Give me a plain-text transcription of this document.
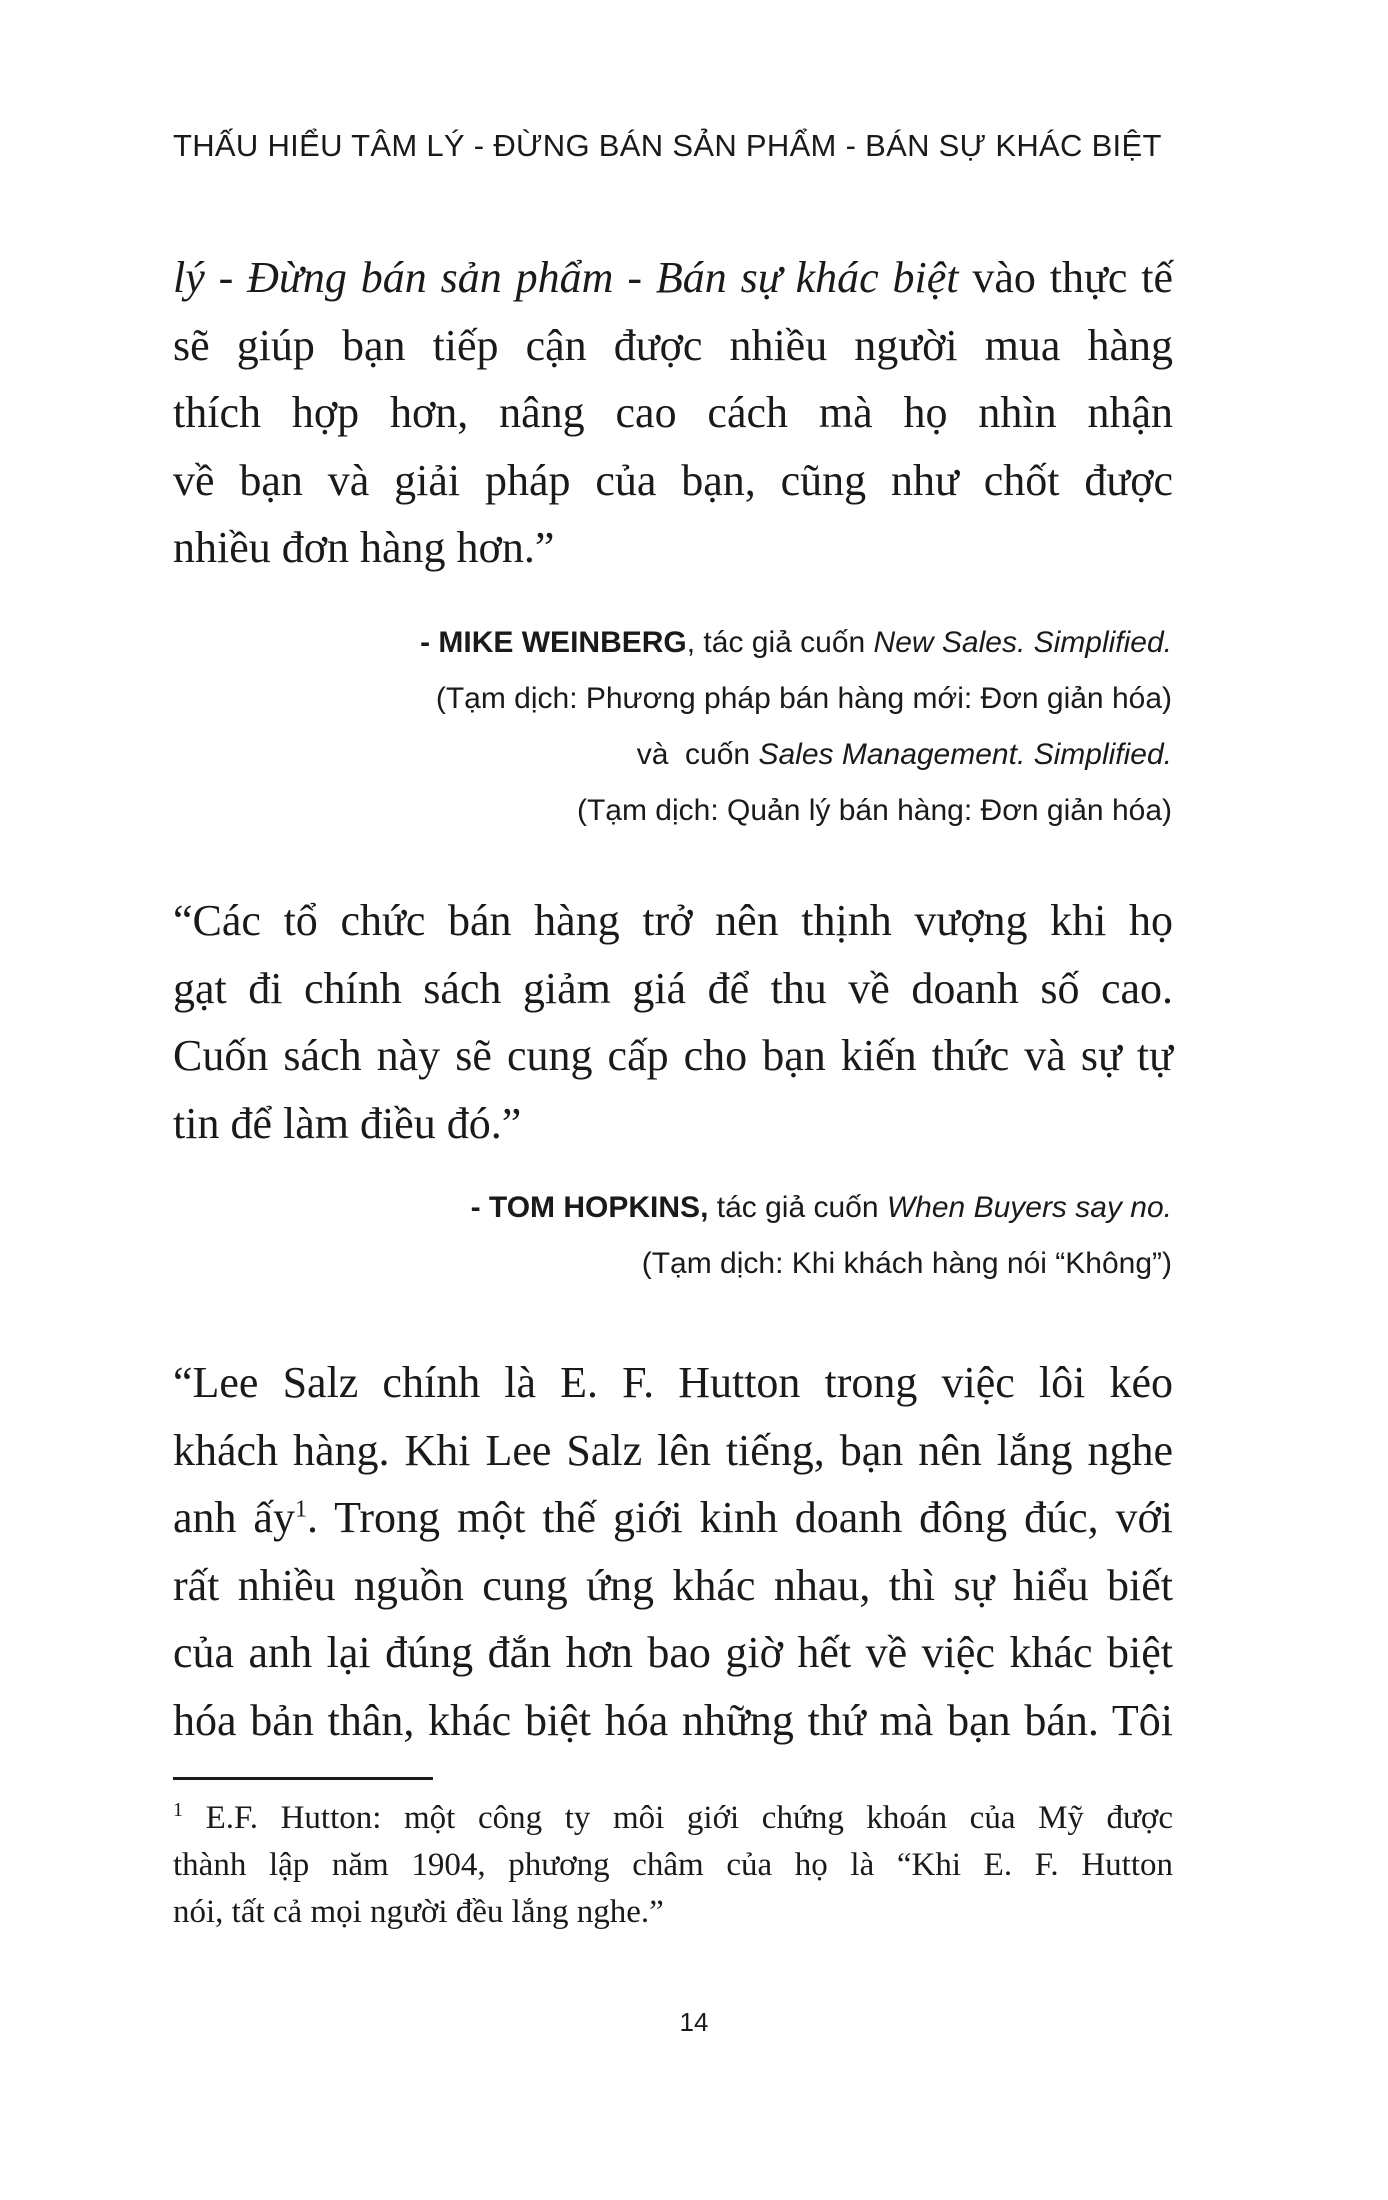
THẤU HIỂU TÂM LÝ - ĐỪNG BÁN SẢN PHẨM - BÁN SỰ KHÁC BIỆT
lý - Đừng bán sản phẩm - Bán sự khác biệt vào thực tế
sẽ giúp bạn tiếp cận được nhiều người mua hàng
thích hợp hơn, nâng cao cách mà họ nhìn nhận
về bạn và giải pháp của bạn, cũng như chốt được
nhiều đơn hàng hơn.”
- MIKE WEINBERG, tác giả cuốn New Sales. Simplified.
(Tạm dịch: Phương pháp bán hàng mới: Đơn giản hóa)
và  cuốn Sales Management. Simplified.
(Tạm dịch: Quản lý bán hàng: Đơn giản hóa)
“Các tổ chức bán hàng trở nên thịnh vượng khi họ
gạt đi chính sách giảm giá để thu về doanh số cao.
Cuốn sách này sẽ cung cấp cho bạn kiến thức và sự tự
tin để làm điều đó.”
- TOM HOPKINS, tác giả cuốn When Buyers say no.
(Tạm dịch: Khi khách hàng nói “Không”)
“Lee Salz chính là E. F. Hutton trong việc lôi kéo
khách hàng. Khi Lee Salz lên tiếng, bạn nên lắng nghe
anh ấy$^1$. Trong một thế giới kinh doanh đông đúc, với
rất nhiều nguồn cung ứng khác nhau, thì sự hiểu biết
của anh lại đúng đắn hơn bao giờ hết về việc khác biệt
hóa bản thân, khác biệt hóa những thứ mà bạn bán. Tôi
$^1$ E.F. Hutton: một công ty môi giới chứng khoán của Mỹ được
thành lập năm 1904, phương châm của họ là “Khi E. F. Hutton
nói, tất cả mọi người đều lắng nghe.”
14
